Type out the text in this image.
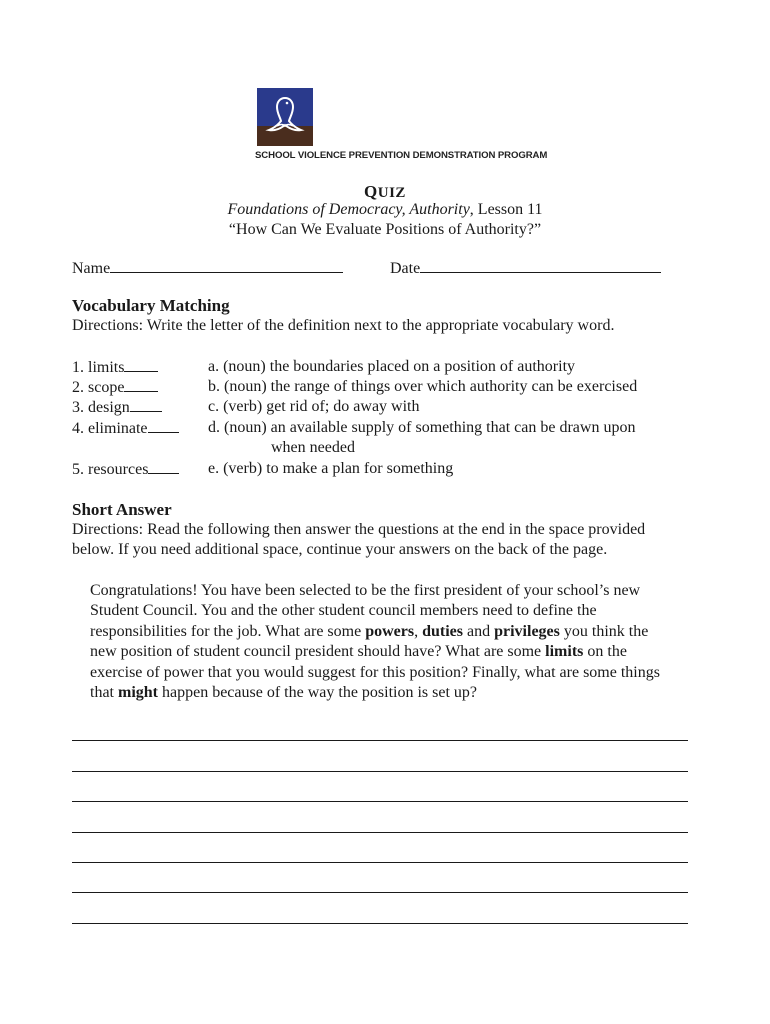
SCHOOL VIOLENCE PREVENTION DEMONSTRATION PROGRAM
QUIZ
Foundations of Democracy, Authority, Lesson 11
“How Can We Evaluate Positions of Authority?”
Name	Date
Vocabulary Matching
Directions: Write the letter of the definition next to the appropriate vocabulary word.
1. limits
2. scope
3. design
4. eliminate
5. resources
a. (noun) the boundaries placed on a position of authority
b. (noun) the range of things over which authority can be exercised
c. (verb) get rid of; do away with
d. (noun) an available supply of something that can be drawn upon
when needed
e. (verb) to make a plan for something
Short Answer
Directions: Read the following then answer the questions at the end in the space provided
below. If you need additional space, continue your answers on the back of the page.
Congratulations! You have been selected to be the first president of your school’s new
Student Council. You and the other student council members need to define the
responsibilities for the job. What are some powers, duties and privileges you think the
new position of student council president should have? What are some limits on the
exercise of power that you would suggest for this position? Finally, what are some things
that might happen because of the way the position is set up?
